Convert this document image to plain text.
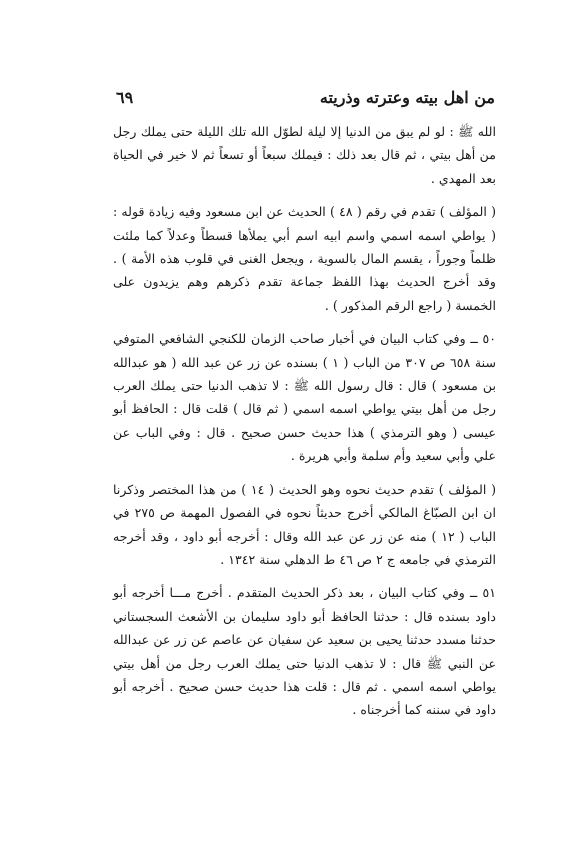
من اهل بيته وعترته وذريته
٦٩

الله ﷺ : لو لم يبق من الدنيا إلا ليلة لطوّل الله تلك الليلة حتى يملك رجل من أهل بيتي ، ثم قال بعد ذلك : فيملك سبعاً أو تسعاً ثم لا خير في الحياة بعد المهدي .

( المؤلف ) تقدم في رقم ( ٤٨ ) الحديث عن ابن مسعود وفيه زيادة قوله : ( يواطي اسمه اسمي واسم ابيه اسم أبي يملأها قسطاً وعدلاً كما ملئت ظلماً وجوراً ، يقسم المال بالسوية ، ويجعل الغنى في قلوب هذه الأمة ) . وقد أخرج الحديث بهذا اللفظ جماعة تقدم ذكرهم وهم يزيدون على الخمسة ( راجع الرقم المذكور ) .

٥٠ ــ وفي كتاب البيان في أخبار صاحب الزمان للكنجي الشافعي المتوفي سنة ٦٥٨ ص ٣٠٧ من الباب ( ١ ) بسنده عن زر عن عبد الله ( هو عبدالله بن مسعود ) قال : قال رسول الله ﷺ : لا تذهب الدنيا حتى يملك العرب رجل من أهل بيتي يواطي اسمه اسمي ( ثم قال ) قلت قال : الحافظ أبو عيسى ( وهو الترمذي ) هذا حديث حسن صحيح . قال : وفي الباب عن علي وأبي سعيد وأم سلمة وأبي هريرة .

( المؤلف ) تقدم حديث نحوه وهو الحديث ( ١٤ ) من هذا المختصر وذكرنا ان ابن الصبّاغ المالكي أخرج حديثاً نحوه في الفصول المهمة ص ٢٧٥ في الباب ( ١٢ ) منه عن زر عن عبد الله وقال : أخرجه أبو داود ، وقد أخرجه الترمذي في جامعه ج ٢ ص ٤٦ ط الدهلي سنة ١٣٤٢ .

٥١ ــ وفي كتاب البيان ، بعد ذكر الحديث المتقدم . أخرج مـــا أخرجه أبو داود بسنده قال : حدثنا الحافظ أبو داود سليمان بن الأشعث السجستاني حدثنا مسدد حدثنا يحيى بن سعيد عن سفيان عن عاصم عن زر عن عبدالله عن النبي ﷺ قال : لا تذهب الدنيا حتى يملك العرب رجل من أهل بيتي يواطي اسمه اسمي . ثم قال : قلت هذا حديث حسن صحيح . أخرجه أبو داود في سننه كما أخرجناه .
